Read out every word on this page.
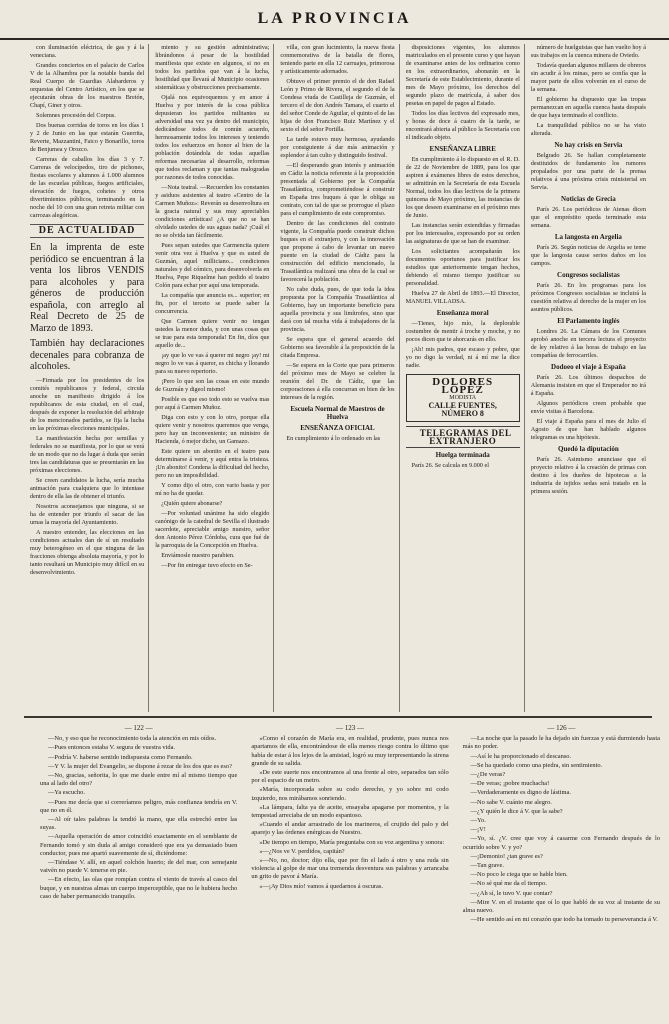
LA PROVINCIA

con iluminación eléctrica, de gas y á la veneciana.

Grandes conciertos en el palacio de Carlos V de la Alhambra por la notable banda del Real Cuerpo de Guardias Alabarderos y orquestas del Centro Artístico, en los que se ejecutarán obras de los maestros Bretón, Chapí, Giner y otros.

Solemnes procesión del Corpus.

Dos buenas corridas de toros en los días 1 y 2 de Junio en las que estarán Guerrita, Reverte, Mazzantini, Faico y Bonarillo, toros de Benjumea y Orozco.

Carreras de caballos los días 3 y 7. Carreras de velocípedos, tiro de pichones, fiestas escolares y alumnos á 1.000 alumnos de las escuelas públicas, fuegos artificiales, elevación de fuegos, cohetes y otros divertimientos públicos, terminando en la noche del 10 con una gran retreta militar con carrozas alegóricas.

DE ACTUALIDAD

En la imprenta de este periódico se encuentran á la venta los libros VENDIS para alcoholes y para géneros de producción española, con arreglo al Real Decreto de 25 de Marzo de 1893.

También hay declaraciones decenales para cobranza de alcoholes.

—Firmada por los presidentes de los comités republicanos y federal, circula anoche un manifiesto dirigido á los republicanos de esta ciudad, en el cual, después de exponer la resolución del arbitraje de los mencionados partidos, se fija la lucha en las próximas elecciones municipales.

La manifestación hecha por semillas y federales no se manifiesta, por lo que se verá de un modo que no da lugar á duda que serán tres las candidaturas que se presentarán en las próximas elecciones.

Se creen candidatos la lucha, sería mucha animación para cualquiera que lo intentase dentro de ella las de obtener el triunfo.

Nosotros aconsejamos que ninguna, si se ha de entender por triunfo el sacar de las urnas la mayoría del Ayuntamiento.

A nuestro entender, las elecciones en las condiciones actuales dan de sí un resultado muy heterogéneo en el que ninguna de las fracciones obtenga absoluta mayoría, y por lo tanto resultará un Municipio muy difícil en su desenvolvimiento.

miento y su gestión administrativa; librándonos á pesar de la hostilidad manifiesta que existe en algunos, si no en todos los partidos que van á la lucha, hostilidad que llevará al Municipio ocasiones sistemáticas y obstrucciones precisamente.

Ojalá nos equivoquemos y en amor á Huelva y por interés de la cosa pública depusieran los partidos militantes su adversidad una vez ya dentro del municipio, dedicándose todos de común acuerdo, hermosamente todos los intereses y teniendo todos los esfuerzos en honor al bien de la población dotándola de todas aquellas reformas necesarias al desarrollo, reformas que todos reclaman y que tantas malogradas por razones de todos conocidas.

—Nota teatral. —Recuerden los constantes y asiduos asistentes al teatro «Centro de la Carmen Muñoz»: Reverán su desenvoltura en la gracia natural y sus muy apreciables condiciones artísticas! ¿A que no se han olvidado ustedes de sus aguas nada? ¡Cuál el no se olvida tan fácilmente.

Pues sepan ustedes que Carmencita quiere venir otra vez á Huelva y que es usted de Guzmán, aquel milliciano... condiciones naturales y del cómico, para desenvolverla en Huelva, Pepe Riquelme han pedido el teatro Colón para echar por aquí una temporada.

La compañía que anuncia es... superior; en fin, por el terceto se puede saber la concurrencia.

Que Carmen quiere venir no tengan ustedes la menor duda, y con unas cosas que se trae para esta temporada! En fin, díos que aquello de...

¡ay que lo ve vas á querer mi negro ¡ay! mi negro lo ve vas á querer, es chicha y llorando para su nuevo repertorio.

¡Pero lo que son las cosas en este mundo de Guzmán y digeol mismo!

Posible es que eso todo esto se vuelva mas por aquí á Carmen Muñoz.

Diga con esto y con lo otro, porque ella quiere venir y nosotros queremos que venga, pero hay un inconveniente; un ministro de Hacienda, ó mejor dicho, un Gamazo.

Este quiere un abonito en el teatro para determinarse á venir, y aquí entra la tristeza. ¡Un abonito! Condena la dificultad del hecho, pero no un imposibilidad.

Y como dijo el otro, con vario basta y por mí no ha de quedar.

¿Quién quiere abonarse?

—Por voluntad unánime ha sido elegido canónigo de la catedral de Sevilla el ilustrado sacerdote, apreciable amigo nuestro, señor don Antonio Pérez Córdoba, cura que fué de la parroquia de la Concepción en Huelva.

Enviámosle nuestro parabien.

—Por fin entregar tuvo efecto en Se-

villa, con gran lucimiento, la nueva fiesta conmemorativa de la batalla de flores, teniendo parte en ella 12 carruajes, primorosa y artísticamente adornados.

Obtuvo el primer premio el de don Rafael León y Primo de Rivera, el segundo el de la Condesa viuda de Castilleja de Guzmán, el tercero el de don Andrés Tamara, el cuarto el del señor Conde de Aguilar, el quinto el de las hijas de don Francisco Ruiz Martínez y el sexto el del señor Portilla.

La tarde estuvo muy hermosa, ayudando por consiguiente á dar más animación y esplendor á tan culto y distinguido festival.

—El desperando gran interés y animación en Cádiz la noticia referente á la proposición presentada al Gobierno por la Compañía Trasatlántica, comprometiéndose á construir en España tres buques á que le obliga su contrato, con tal de que se prorrogue el plazo para el cumplimiento de este compromiso.

Dentro de las condiciones del contrato vigente, la Compañía puede construir dichos buques en el extranjero, y con la innovación que propone á cabo de levantar un nuevo puente en la ciudad de Cádiz para la construcción del edificio mencionado, la Trasatlántica realizará una obra de la cual se favorecerá la población.

No cabe duda, pues, de que toda la idea propuesta por la Compañía Trasatlántica al Gobierno, hay un importante beneficio para aquella provincia y sus limítrofes, sino que dará con tal mucha vida á trabajadores de la provincia.

Se espera que el general acuerdo del Gobierno sea favorable á la proposición de la citada Empresa.

—Se espera en la Corte que para primeros del próximo mes de Mayo se celebre la reunión del Dr. de Cádiz, que las corporaciones á ella concurran en bien de los intereses de la región.

Escuela Normal de Maestros de Huelva

ENSEÑANZA OFICIAL

En cumplimiento á lo ordenado en las

disposiciones vigentes, los alumnos matriculados en el presente curso y que hayan de examinarse antes de los ordinarios como en los extraordinarios, abonarán en la Secretaría de este Establecimiento, durante el mes de Mayo próximo, los derechos del segundo plazo de matrícula, á saber dos pesetas en papel de pagos al Estado.

Todos los días lectivos del expresado mes, y horas de doce á cuatro de la tarde, se encontrará abierta al público la Secretaría con el indicado objeto.

ENSEÑANZA LIBRE

En cumplimiento á lo dispuesto en el R. D. de 22 de Noviembre de 1889, para los que aspiren á exámenes libres de estos derechos, se admitirán en la Secretaría de esta Escuela Normal, todos los días lectivos de la primera quincena de Mayo próximo, las instancias de los que deseen examinarse en el próximo mes de Junio.

Las instancias serán extendidas y firmadas por los interesados, expresando por su orden las asignaturas de que se han de examinar.

Los solicitantes acompañarán los documentos oportunos para justificar los estudios que anteriormente tengan hechos, debiendo el mismo tiempo justificar su personalidad.

Huelva 27 de Abril de 1893.—El Director, MANUEL VILLADSA.

Enseñanza moral

—Tienes, hijo mío, la deplorable costumbre de mentir á troche y moche, y no pocos dicen que te ahorcarás en ello.

¡Ah! mis padres, que escaso y pobre, que yo no digo la verdad, ni á mí me la dice nadie.

DOLORES LÓPEZ
MODISTA
CALLE FUENTES, NÚMERO 8

TELEGRAMAS DEL EXTRANJERO

Huelga terminada

París 26. Se calcula en 9.000 el

número de huelguistas que han vuelto hoy á sus trabajos en la cuenca minera de Oviedo.

Todavía quedan algunos millares de obreros sin acudir á los minas, pero se confía que la mayor parte de ellos volverán en el curso de la semana.

El gobierno ha dispuesto que las tropas permanezcan en aquella cuenca hasta después de que haya terminado el conflicto.

La tranquilidad pública no se ha visto alterada.

No hay crisis en Servia

Belgrado 26. Se hallan completamente destituidos de fundamento los rumores propalados por una parte de la prensa relativos á una próxima crisis ministerial en Servia.

Noticias de Grecia

París 26. Los periódicos de Atenas dicen que el empréstito queda terminado esta semana.

La langosta en Argelia

París 26. Según noticias de Argelia se teme que la langosta cause serios daños en los campos.

Congresos socialistas

París 26. En los programas para los próximos Congresos socialistas se incluirá la cuestión relativa al derecho de la mujer en los asuntos públicos.

El Parlamento inglés

Londres 26. La Cámara de los Comunes aprobó anoche en tercera lectura el proyecto de ley relativo á las horas de trabajo en las compañías de ferrocarriles.

Dodoeo el viaje á España

París 26. Los últimos despachos de Alemania insisten en que el Emperador no irá á España.

Algunos periódicos creen probable que envíe visitas á Barcelona.

El viaje á España para el mes de Julio el Agosto de que han hablado algunos telegramas es una hipótesis.

Quedó la diputación

París 26. Asimismo anunciase que el proyecto relativo á la creación de primas con destino á los dueños de hipotecas a la industria de tejidos sedas será tratado en la primera sesión.

— 122 —

—No, y eso que he reconocimiento toda la atención en mis oídos.

—Pues entonces estaba V. segura de vuestra vida.

—Podría V. haberse sentido indispuesta como Fernando.

—Y V. la mujer del Evangelio, se dispone á rezar de los dos que es eso?

—No, gracias, señorita, lo que me duele entre mí al mismo tiempo que una al lado del otro?

—Ya escucho.

—Pues me decía que si correríamos peligro, más confianza tendría en V. que no en él.

—Al oír tales palabras la tendió la mano, que ella estrechó entre las suyas.

—Aquella operación de amor coincidió exactamente en el semblante de Fernando tomó y sin duda al amigo consideró que era ya demasiado buen conductor, pues me apartó suavemente de sí, diciéndome:

—Tiéndase V. allí, en aquel colchón huerto; de del mar, con semejante vaivén no puede V. tenerse en pie.

—En efecto, las olas que rompían contra el viento de través al casco del buque, y en nuestras almas un cuerpo imperceptible, que no le hubiera hecho caso de haber permanecido tranquilo.

— 123 —

»Como el corazón de María era, en realidad, prudente, pues nunca nos apartamos de ella, encontrándose de ella menos riesgo contra lo último que había de estar á los lejos de la amistad, logró su muy terpresentando la sirena grande de su salida.

»De este suerte nos encontramos al una frente al otro, separados tan sólo por el espacio de un metro.

»María, incorporada sobre su codo derecho, y yo sobre mi codo izquierdo, nos mirábamos sonriendo.

»La lámpara, falta ya de aceite, ensayaba apagarse por momentos, y la tempestad arreciaba de un modo espantoso.

»Cuando el andar arrastrado de los marineros, el crujido del palo y del aparejo y las órdenes enérgicas de Nuestro.

»De tiempo en tiempo, María preguntaba con su voz argentina y sonora:

»—¿Nos ve V. perdidos, capitán?

»—No, no, doctor; dijo ella, que por fin el lado á otro y una ruda sin violencia al golpe de mar una tremenda desventura sus palabras y arrancaba un grito de pavor á María.

»—¡Ay Dios mío! vamos á quedarnos á oscuras.

— 126 —

—La noche que la pasado le ha dejado sin fuerzas y está durmiendo hasta más no poder.

—Así le ha proporcionado el descanso.

—Se ha quedado como una piedra, sin sentimiento.

—¿De veras?

—De veras; ¡pobre muchacha!

—Verdaderamente es digno de lástima.

—No sabe V. cuánto me alegro.

—¿Y quién le dice á V. que la sabe?

—Yo.

—¡V!

—Yo, sí. ¿V. cree que voy á casarme con Fernando después de lo ocurrido sobre V. y yo?

—¡Demonio! ¿tan grave es?

—Tan grave.

—No poco le ciega que se hable bien.

—No sé qué me da el tiempo.

—¿Ah sí, le tuvo V. que contar?

—Mire V. en el instante que oí lo que habló de su voz al instante de su alma nuevo.

—He sentido así en mi corazón que todo ha tomado tu perseverancia á V.
